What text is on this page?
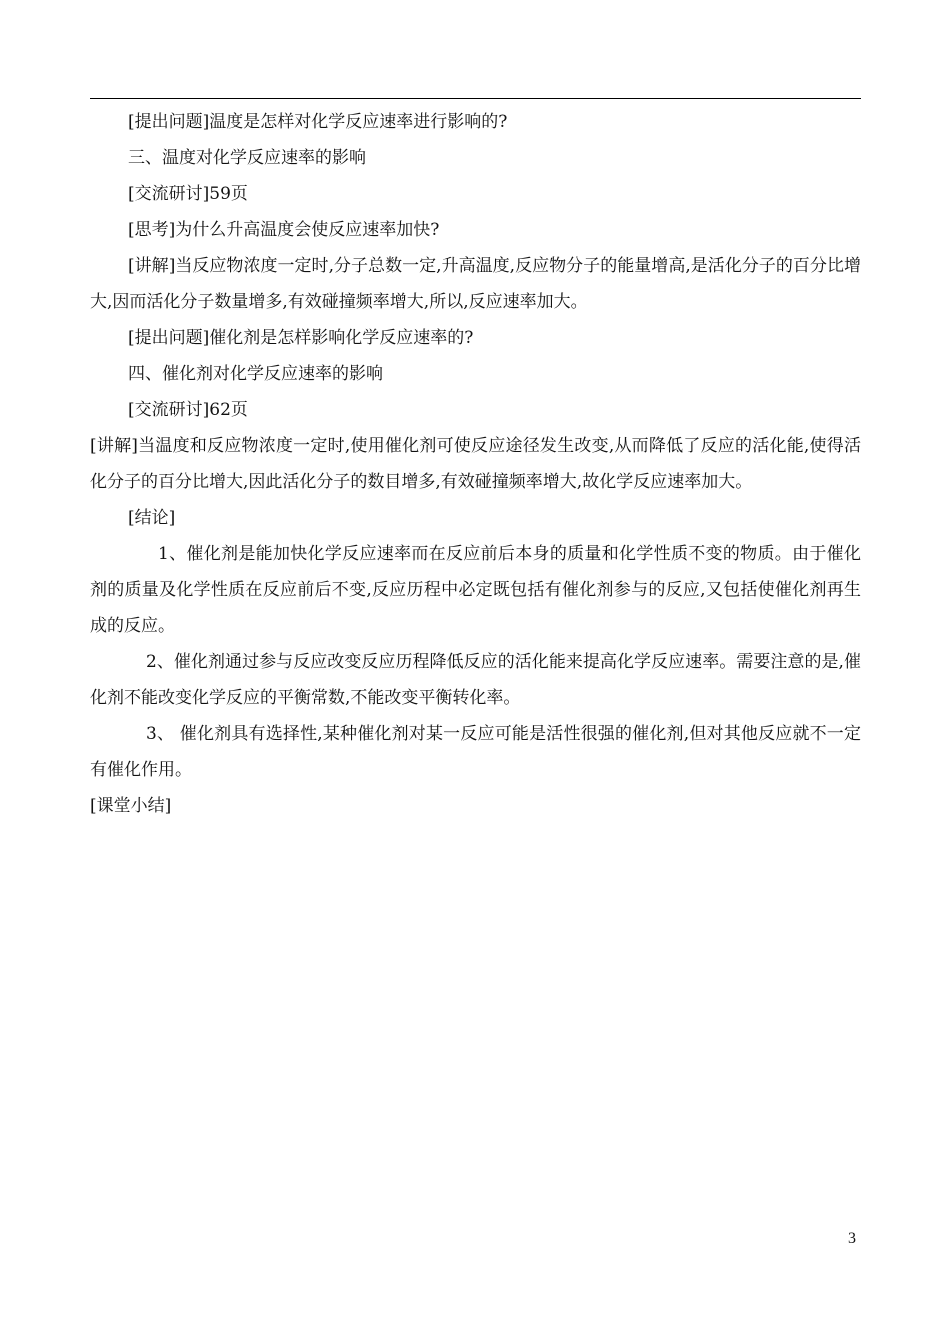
[提出问题]温度是怎样对化学反应速率进行影响的?

三、温度对化学反应速率的影响

[交流研讨]59页

[思考]为什么升高温度会使反应速率加快?

[讲解]当反应物浓度一定时,分子总数一定,升高温度,反应物分子的能量增高,是活化分子的百分比增大,因而活化分子数量增多,有效碰撞频率增大,所以,反应速率加大。

[提出问题]催化剂是怎样影响化学反应速率的?

四、催化剂对化学反应速率的影响

[交流研讨]62页

[讲解]当温度和反应物浓度一定时,使用催化剂可使反应途径发生改变,从而降低了反应的活化能,使得活化分子的百分比增大,因此活化分子的数目增多,有效碰撞频率增大,故化学反应速率加大。

[结论]

1、催化剂是能加快化学反应速率而在反应前后本身的质量和化学性质不变的物质。由于催化剂的质量及化学性质在反应前后不变,反应历程中必定既包括有催化剂参与的反应,又包括使催化剂再生成的反应。

2、催化剂通过参与反应改变反应历程降低反应的活化能来提高化学反应速率。需要注意的是,催化剂不能改变化学反应的平衡常数,不能改变平衡转化率。

3、 催化剂具有选择性,某种催化剂对某一反应可能是活性很强的催化剂,但对其他反应就不一定有催化作用。

[课堂小结]

3
